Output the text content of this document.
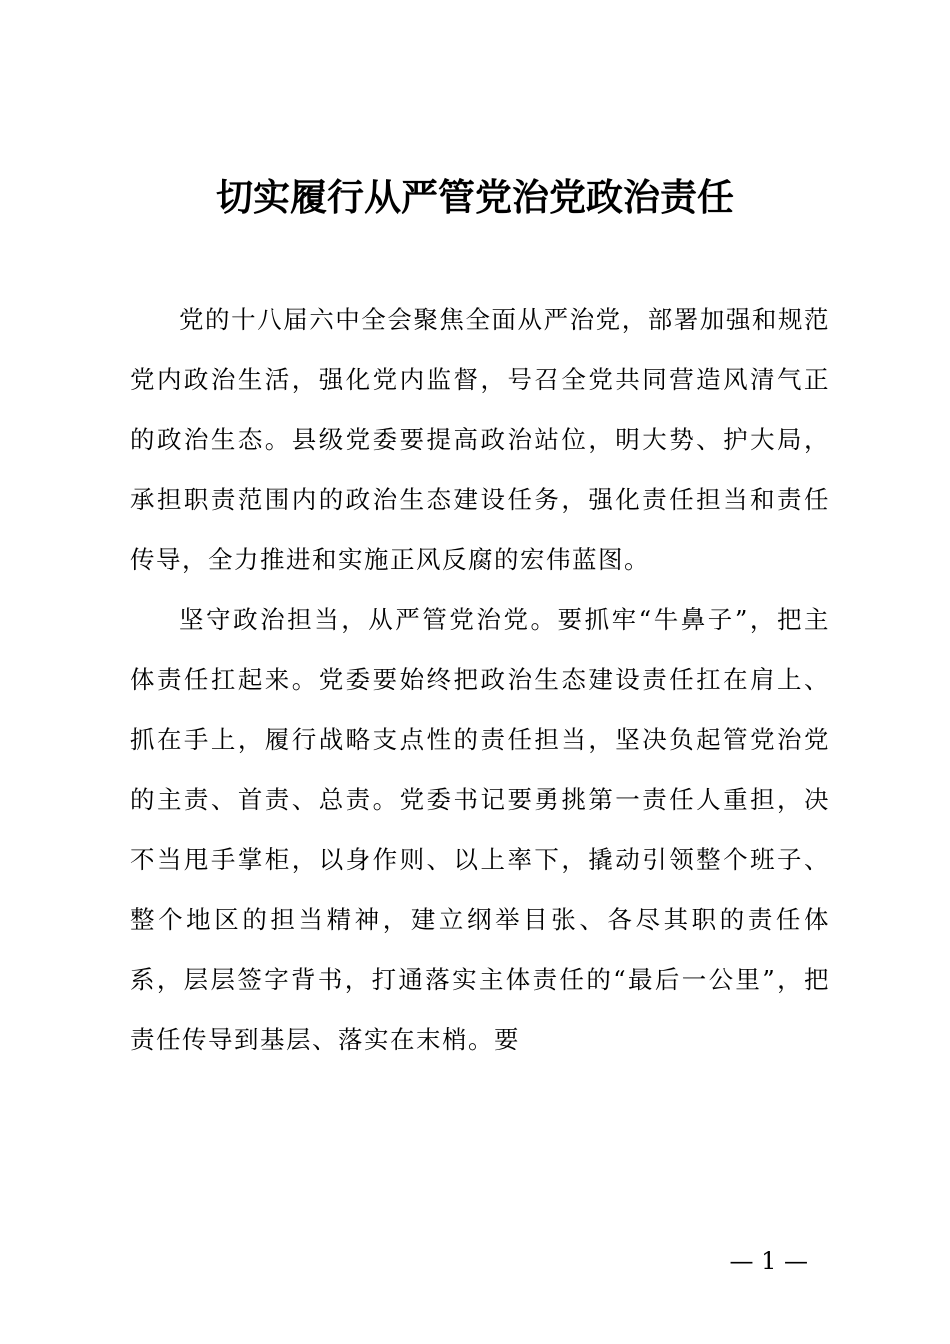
切实履行从严管党治党政治责任

党的十八届六中全会聚焦全面从严治党，部署加强和规范党内政治生活，强化党内监督，号召全党共同营造风清气正的政治生态。县级党委要提高政治站位，明大势、护大局，承担职责范围内的政治生态建设任务，强化责任担当和责任传导，全力推进和实施正风反腐的宏伟蓝图。

坚守政治担当，从严管党治党。要抓牢“牛鼻子”，把主体责任扛起来。党委要始终把政治生态建设责任扛在肩上、抓在手上，履行战略支点性的责任担当，坚决负起管党治党的主责、首责、总责。党委书记要勇挑第一责任人重担，决不当甩手掌柜，以身作则、以上率下，撬动引领整个班子、整个地区的担当精神，建立纲举目张、各尽其职的责任体系，层层签字背书，打通落实主体责任的“最后一公里”，把责任传导到基层、落实在末梢。要

— 1 —
